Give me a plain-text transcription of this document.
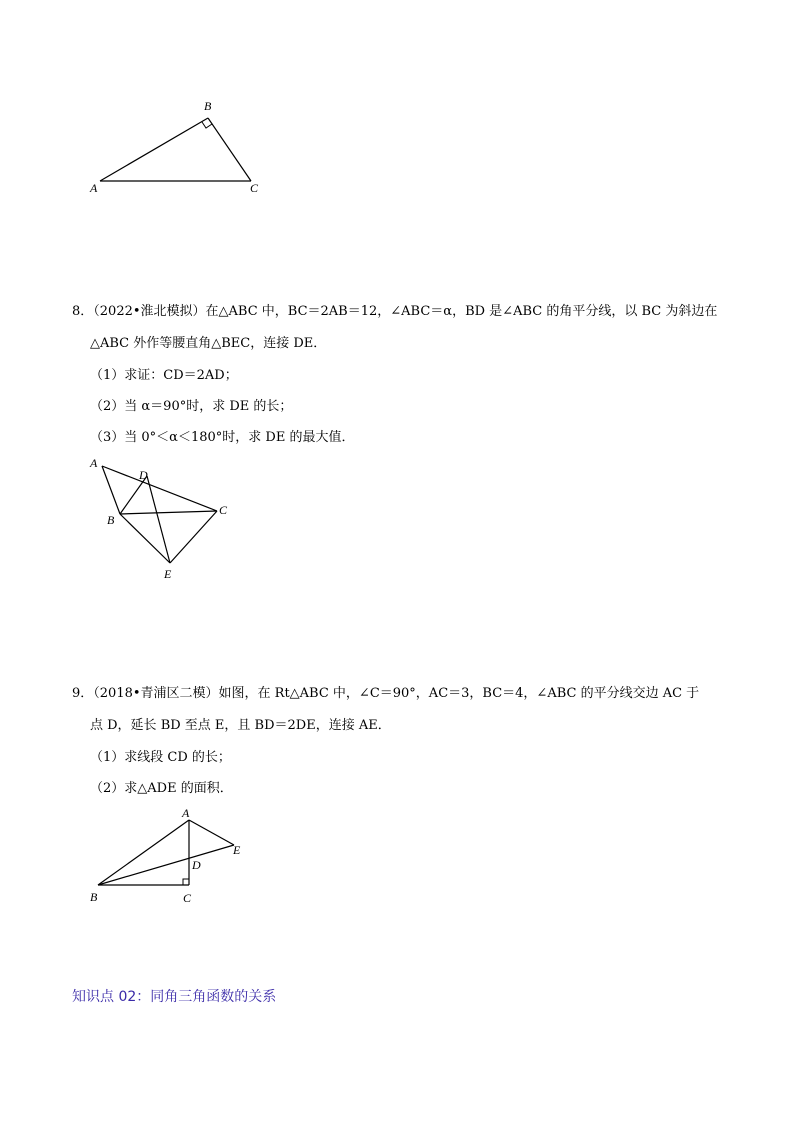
A
B
C
8．（2022•淮北模拟）在△ABC 中，BC＝2AB＝12，∠ABC＝α，BD 是∠ABC 的角平分线，以 BC 为斜边在
△ABC 外作等腰直角△BEC，连接 DE．
（1）求证：CD＝2AD；
（2）当 α＝90°时，求 DE 的长；
（3）当 0°＜α＜180°时，求 DE 的最大值．
A
D
B
C
E
9．（2018•青浦区二模）如图，在 Rt△ABC 中，∠C＝90°，AC＝3，BC＝4，∠ABC 的平分线交边 AC 于
点 D，延长 BD 至点 E，且 BD＝2DE，连接 AE．
（1）求线段 CD 的长；
（2）求△ADE 的面积．
A
E
D
B	C
知识点 02：同角三角函数的关系
